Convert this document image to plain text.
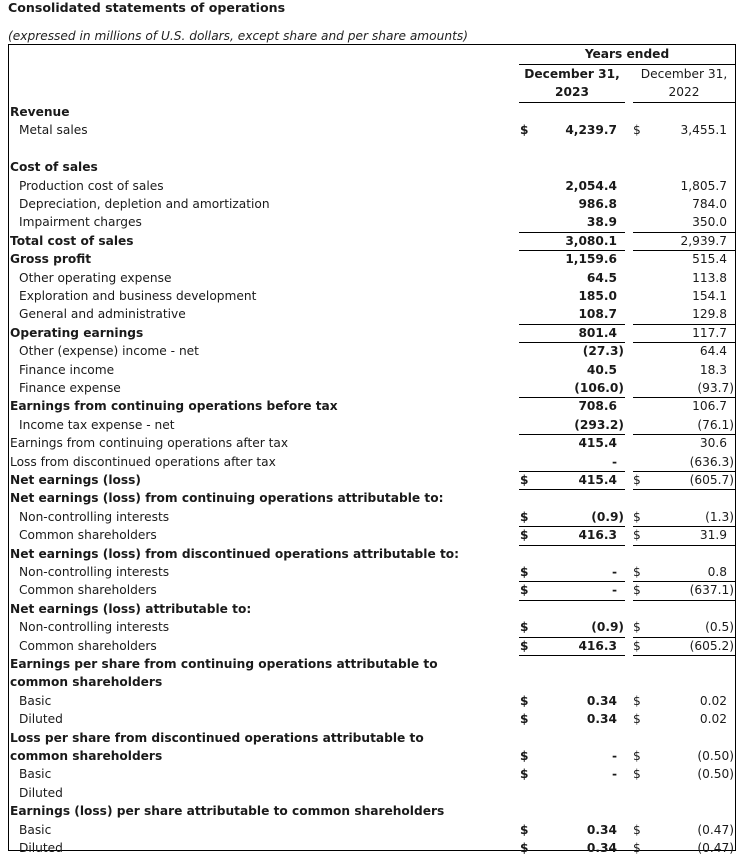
Consolidated statements of operations
(expressed in millions of U.S. dollars, except share and per share amounts)
Years ended
December 31,
2023
December 31,
2022
Revenue
Metal sales	$	4,239.7 $	3,455.1
Cost of sales
Production cost of sales	2,054.4	1,805.7
Depreciation, depletion and amortization	986.8	784.0
Impairment charges	38.9	350.0
Total cost of sales	3,080.1	2,939.7
Gross profit	1,159.6	515.4
Other operating expense	64.5	113.8
Exploration and business development	185.0	154.1
General and administrative	108.7	129.8
Operating earnings	801.4	117.7
Other (expense) income - net	(27.3)	64.4
Finance income	40.5	18.3
Finance expense	(106.0)	(93.7)
Earnings from continuing operations before tax	708.6	106.7
Income tax expense - net	(293.2)	(76.1)
Earnings from continuing operations after tax	415.4	30.6
Loss from discontinued operations after tax	-	(636.3)
Net earnings (loss)	$	415.4 $	(605.7)
Net earnings (loss) from continuing operations attributable to:
Non-controlling interests	$	(0.9) $	(1.3)
Common shareholders	$	416.3 $	31.9
Net earnings (loss) from discontinued operations attributable to:
Non-controlling interests	$	- $	0.8
Common shareholders	$	- $	(637.1)
Net earnings (loss) attributable to:
Non-controlling interests	$	(0.9) $	(0.5)
Common shareholders	$	416.3 $	(605.2)
Earnings per share from continuing operations attributable to
common shareholders
Basic	$	0.34 $	0.02
Diluted	$	0.34 $	0.02
Loss per share from discontinued operations attributable to
common shareholders	$	- $	(0.50)
Basic	$	- $	(0.50)
Diluted
Earnings (loss) per share attributable to common shareholders
Basic	$	0.34 $	(0.47)
Diluted	$	0.34 $	(0.47)
